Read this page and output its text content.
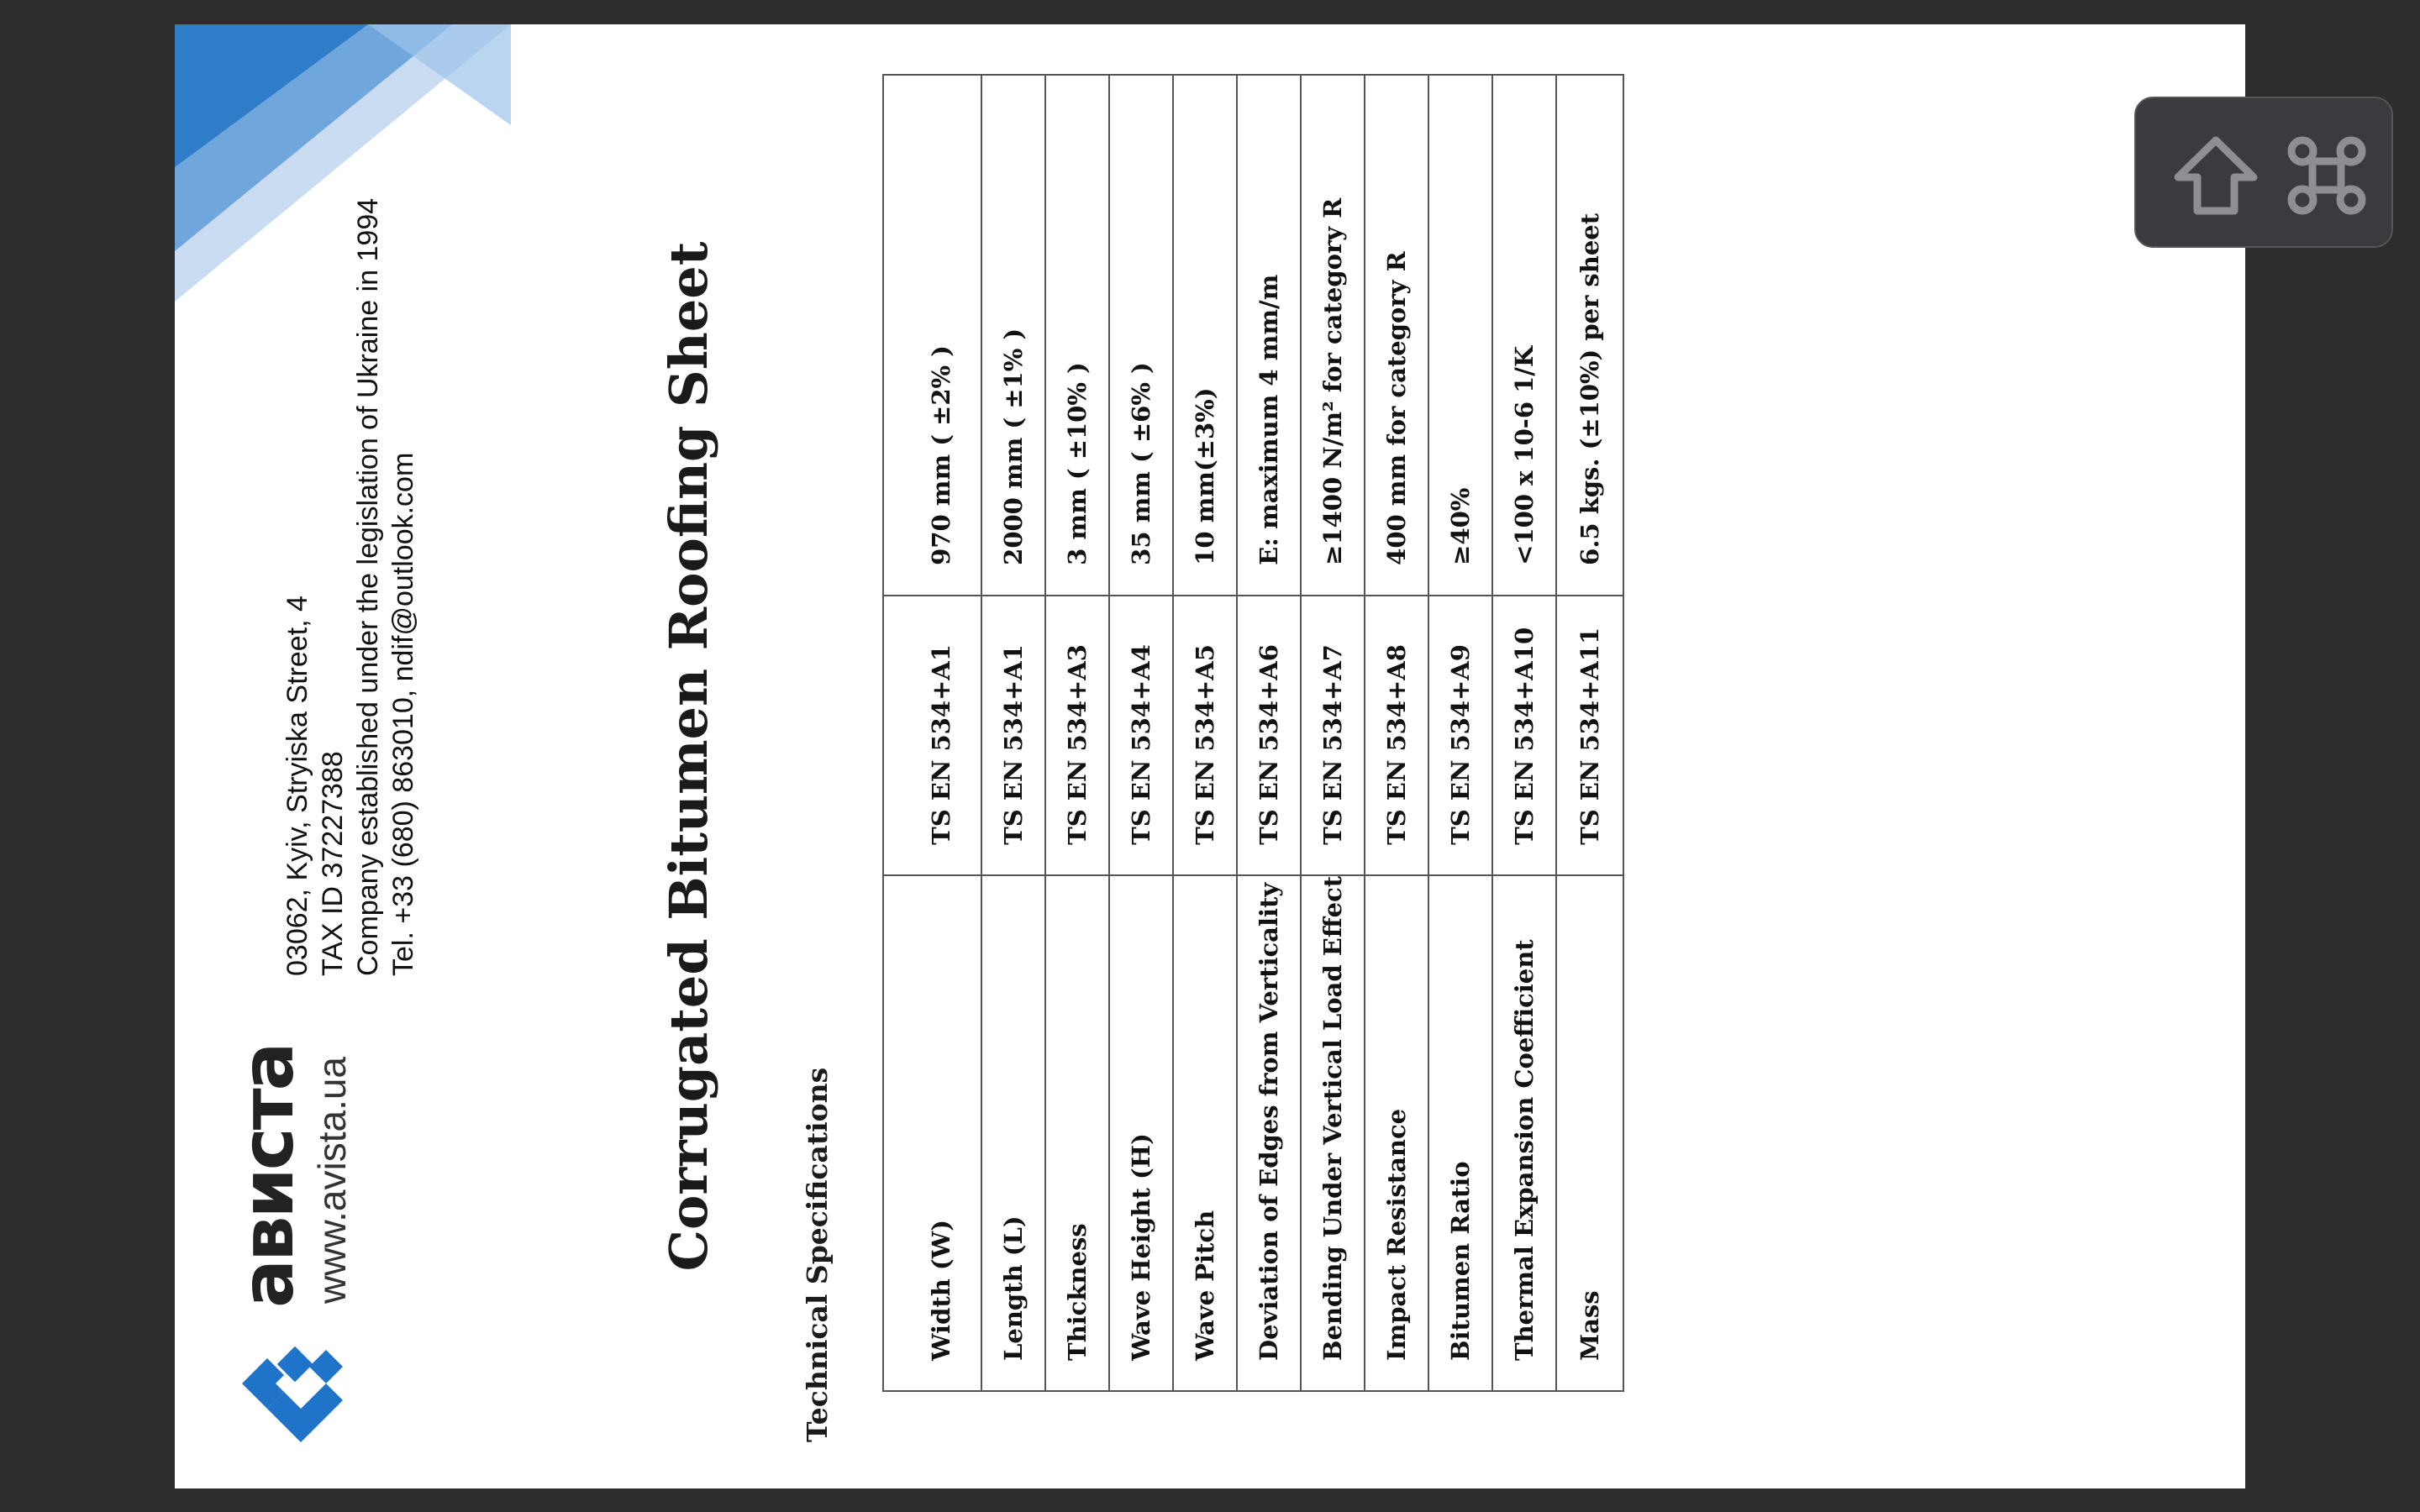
ависта www.avista.ua
03062, Kyiv, Stryiska Street, 4 TAX ID 37227388 Company established under the legislation of Ukraine in 1994 Tel. +33 (680) 863010, ndif@outlook.com	Corrugated Bitumen Roofing Sheet	Technical Specifications	Width (W)	TS EN 534+A1	970 mm ( ±2% )
Length (L)	TS EN 534+A1	2000 mm ( ±1% )
Thickness	TS EN 534+A3	3 mm ( ±10% )
Wave Height (H)	TS EN 534+A4	35 mm ( ±6% )
Wave Pitch	TS EN 534+A5	10 mm(±3%)
Deviation of Edges from Verticality	TS EN 534+A6	E: maximum 4 mm/m
Bending Under Vertical Load Effect	TS EN 534+A7	≥1400 N/m² for category R
Impact Resistance	TS EN 534+A8	400 mm for category R
Bitumen Ratio	TS EN 534+A9	≥40%
Thermal Expansion Coefficient	TS EN 534+A10	<100 x 10-6 1/K
Mass	TS EN 534+A11	6.5 kgs. (±10%) per sheet
